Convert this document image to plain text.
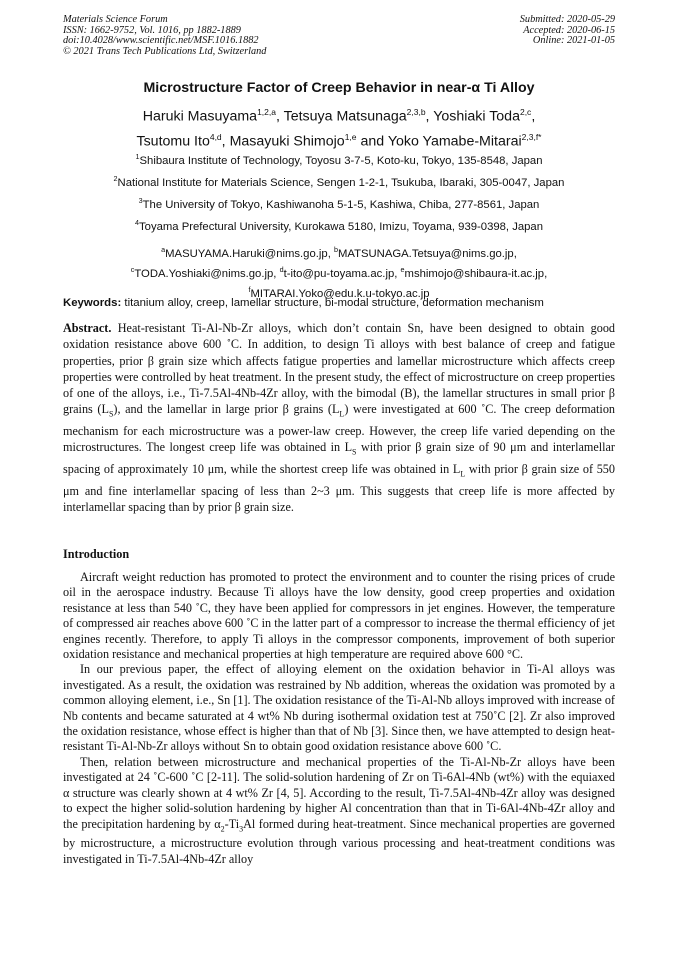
Materials Science Forum
ISSN: 1662-9752, Vol. 1016, pp 1882-1889
doi:10.4028/www.scientific.net/MSF.1016.1882
© 2021 Trans Tech Publications Ltd, Switzerland
Submitted: 2020-05-29
Accepted: 2020-06-15
Online: 2021-01-05
Microstructure Factor of Creep Behavior in near-α Ti Alloy
Haruki Masuyama$^{1,2,a}$, Tetsuya Matsunaga$^{2,3,b}$, Yoshiaki Toda$^{2,c}$,
Tsutomu Ito$^{4,d}$, Masayuki Shimojo$^{1,e}$ and Yoko Yamabe-Mitarai$^{2,3,f*}$
$^1$Shibaura Institute of Technology, Toyosu 3-7-5, Koto-ku, Tokyo, 135-8548, Japan
$^2$National Institute for Materials Science, Sengen 1-2-1, Tsukuba, Ibaraki, 305-0047, Japan
$^3$The University of Tokyo, Kashiwanoha 5-1-5, Kashiwa, Chiba, 277-8561, Japan
$^4$Toyama Prefectural University, Kurokawa 5180, Imizu, Toyama, 939-0398, Japan
$^a$MASUYAMA.Haruki@nims.go.jp, $^b$MATSUNAGA.Tetsuya@nims.go.jp,
$^c$TODA.Yoshiaki@nims.go.jp, $^d$t-ito@pu-toyama.ac.jp, $^e$mshimojo@shibaura-it.ac.jp,
$^f$MITARAI.Yoko@edu.k.u-tokyo.ac.jp
Keywords: titanium alloy, creep, lamellar structure, bi-modal structure, deformation mechanism
Abstract. Heat-resistant Ti-Al-Nb-Zr alloys, which don’t contain Sn, have been designed to obtain good oxidation resistance above 600 ˚C. In addition, to design Ti alloys with best balance of creep and fatigue properties, prior β grain size which affects fatigue properties and lamellar microstructure which affects creep properties were controlled by heat treatment. In the present study, the effect of microstructure on creep properties of one of the alloys, i.e., Ti-7.5Al-4Nb-4Zr alloy, with the bimodal (B), the lamellar structures in small prior β grains $(L_S)$, and the lamellar in large prior β grains $(L_L)$ were investigated at 600 ˚C. The creep deformation mechanism for each microstructure was a power-law creep. However, the creep life varied depending on the microstructures. The longest creep life was obtained in $L_S$ with prior β grain size of 90 μm and interlamellar spacing of approximately 10 μm, while the shortest creep life was obtained in $L_L$ with prior β grain size of 550 μm and fine interlamellar spacing of less than 2~3 μm. This suggests that creep life is more affected by interlamellar spacing than by prior β grain size.
Introduction

Aircraft weight reduction has promoted to protect the environment and to counter the rising prices of crude oil in the aerospace industry. Because Ti alloys have the low density, good creep properties and oxidation resistance at less than 540 ˚C, they have been applied for compressors in jet engines. However, the temperature of compressed air reaches above 600 ˚C in the latter part of a compressor to increase the thermal efficiency of jet engines recently. Therefore, to apply Ti alloys in the compressor components, improvement of both superior oxidation resistance and mechanical properties at high temperature are required above 600 °C.

In our previous paper, the effect of alloying element on the oxidation behavior in Ti-Al alloys was investigated. As a result, the oxidation was restrained by Nb addition, whereas the oxidation was promoted by a common alloying element, i.e., Sn [1]. The oxidation resistance of the Ti-Al-Nb alloys improved with increase of Nb contents and became saturated at 4 wt% Nb during isothermal oxidation test at 750˚C [2]. Zr also improved the oxidation resistance, whose effect is higher than that of Nb [3]. Since then, we have attempted to design heat-resistant Ti-Al-Nb-Zr alloys without Sn to obtain good oxidation resistance above 600 ˚C.

Then, relation between microstructure and mechanical properties of the Ti-Al-Nb-Zr alloys have been investigated at 24 ˚C-600 ˚C [2-11]. The solid-solution hardening of Zr on Ti-6Al-4Nb (wt%) with the equiaxed α structure was clearly shown at 4 wt% Zr [4, 5]. According to the result, Ti-7.5Al-4Nb-4Zr alloy was designed to expect the higher solid-solution hardening by higher Al concentration than that in Ti-6Al-4Nb-4Zr alloy and the precipitation hardening by $\alpha_2-Ti_3Al$ formed during heat-treatment. Since mechanical properties are governed by microstructure, a microstructure evolution through various processing and heat-treatment conditions was investigated in Ti-7.5Al-4Nb-4Zr alloy
